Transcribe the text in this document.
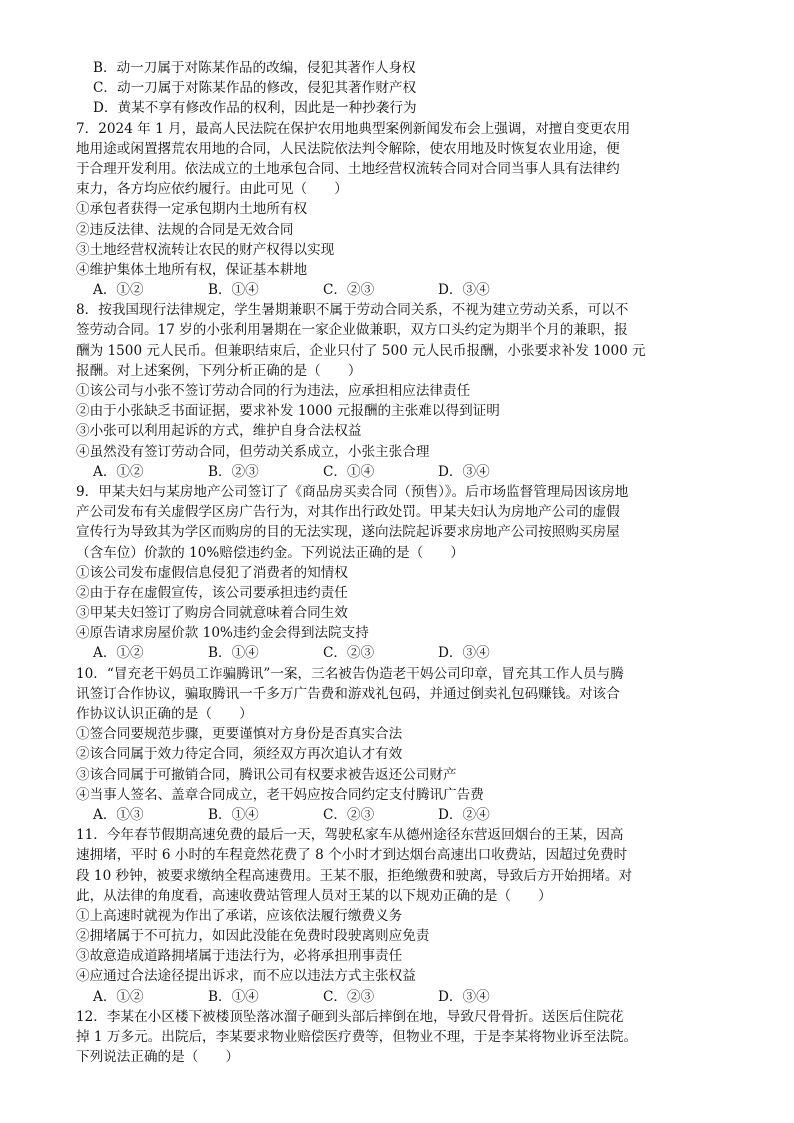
B．动一刀属于对陈某作品的改编，侵犯其著作人身权
C．动一刀属于对陈某作品的修改，侵犯其著作财产权
D．黄某不享有修改作品的权利，因此是一种抄袭行为
7．2024 年 1 月，最高人民法院在保护农用地典型案例新闻发布会上强调，对擅自变更农用
地用途或闲置撂荒农用地的合同，人民法院依法判令解除，使农用地及时恢复农业用途，便
于合理开发利用。依法成立的土地承包合同、土地经营权流转合同对合同当事人具有法律约
束力，各方均应依约履行。由此可见（　　）
①承包者获得一定承包期内土地所有权
②违反法律、法规的合同是无效合同
③土地经营权流转让农民的财产权得以实现
④维护集体土地所有权，保证基本耕地
A．①②	B．①④	C．②③	D．③④
8．按我国现行法律规定，学生暑期兼职不属于劳动合同关系，不视为建立劳动关系，可以不
签劳动合同。17 岁的小张利用暑期在一家企业做兼职，双方口头约定为期半个月的兼职，报
酬为 1500 元人民币。但兼职结束后，企业只付了 500 元人民币报酬，小张要求补发 1000 元
报酬。对上述案例，下列分析正确的是（　　）
①该公司与小张不签订劳动合同的行为违法，应承担相应法律责任
②由于小张缺乏书面证据，要求补发 1000 元报酬的主张难以得到证明
③小张可以利用起诉的方式，维护自身合法权益
④虽然没有签订劳动合同，但劳动关系成立，小张主张合理
A．①②	B．②③	C．①④	D．③④
9．甲某夫妇与某房地产公司签订了《商品房买卖合同（预售）》。后市场监督管理局因该房地
产公司发布有关虚假学区房广告行为，对其作出行政处罚。甲某夫妇认为房地产公司的虚假
宣传行为导致其为学区而购房的目的无法实现，遂向法院起诉要求房地产公司按照购买房屋
（含车位）价款的 10%赔偿违约金。下列说法正确的是（　　）
①该公司发布虚假信息侵犯了消费者的知情权
②由于存在虚假宣传，该公司要承担违约责任
③甲某夫妇签订了购房合同就意味着合同生效
④原告请求房屋价款 10%违约金会得到法院支持
A．①②	B．①④	C．②③	D．③④
10．“冒充老干妈员工诈骗腾讯”一案，三名被告伪造老干妈公司印章，冒充其工作人员与腾
讯签订合作协议，骗取腾讯一千多万广告费和游戏礼包码，并通过倒卖礼包码赚钱。对该合
作协议认识正确的是（　　）
①签合同要规范步骤，更要谨慎对方身份是否真实合法
②该合同属于效力待定合同，须经双方再次追认才有效
③该合同属于可撤销合同，腾讯公司有权要求被告返还公司财产
④当事人签名、盖章合同成立，老干妈应按合同约定支付腾讯广告费
A．①③	B．①④	C．②③	D．②④
11．今年春节假期高速免费的最后一天，驾驶私家车从德州途径东营返回烟台的王某，因高
速拥堵，平时 6 小时的车程竟然花费了 8 个小时才到达烟台高速出口收费站，因超过免费时
段 10 秒钟，被要求缴纳全程高速费用。王某不服，拒绝缴费和驶离，导致后方开始拥堵。对
此，从法律的角度看，高速收费站管理人员对王某的以下规劝正确的是（　　）
①上高速时就视为作出了承诺，应该依法履行缴费义务
②拥堵属于不可抗力，如因此没能在免费时段驶离则应免责
③故意造成道路拥堵属于违法行为，必将承担刑事责任
④应通过合法途径提出诉求，而不应以违法方式主张权益
A．①②	B．①④	C．②③	D．③④
12．李某在小区楼下被楼顶坠落冰溜子砸到头部后摔倒在地，导致尺骨骨折。送医后住院花
掉 1 万多元。出院后，李某要求物业赔偿医疗费等，但物业不理，于是李某将物业诉至法院。
下列说法正确的是（　　）
